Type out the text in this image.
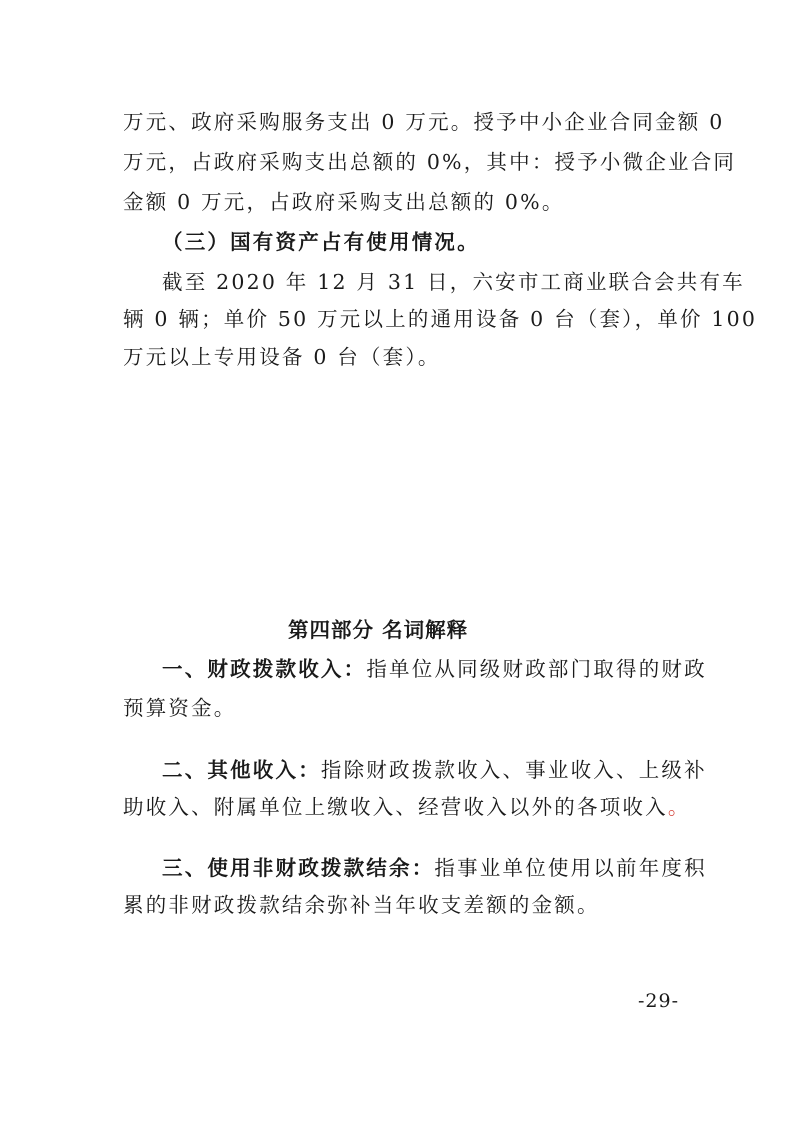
万元、政府采购服务支出 0 万元。授予中小企业合同金额 0
万元，占政府采购支出总额的 0%，其中：授予小微企业合同
金额 0 万元，占政府采购支出总额的 0%。
（三）国有资产占有使用情况。
截至 2020 年 12 月 31 日，六安市工商业联合会共有车
辆 0 辆；单价 50 万元以上的通用设备 0 台（套），单价 100
万元以上专用设备 0 台（套）。
第四部分 名词解释
一、财政拨款收入：指单位从同级财政部门取得的财政
预算资金。
二、其他收入：指除财政拨款收入、事业收入、上级补
助收入、附属单位上缴收入、经营收入以外的各项收入。
三、使用非财政拨款结余：指事业单位使用以前年度积
累的非财政拨款结余弥补当年收支差额的金额。
-29-
